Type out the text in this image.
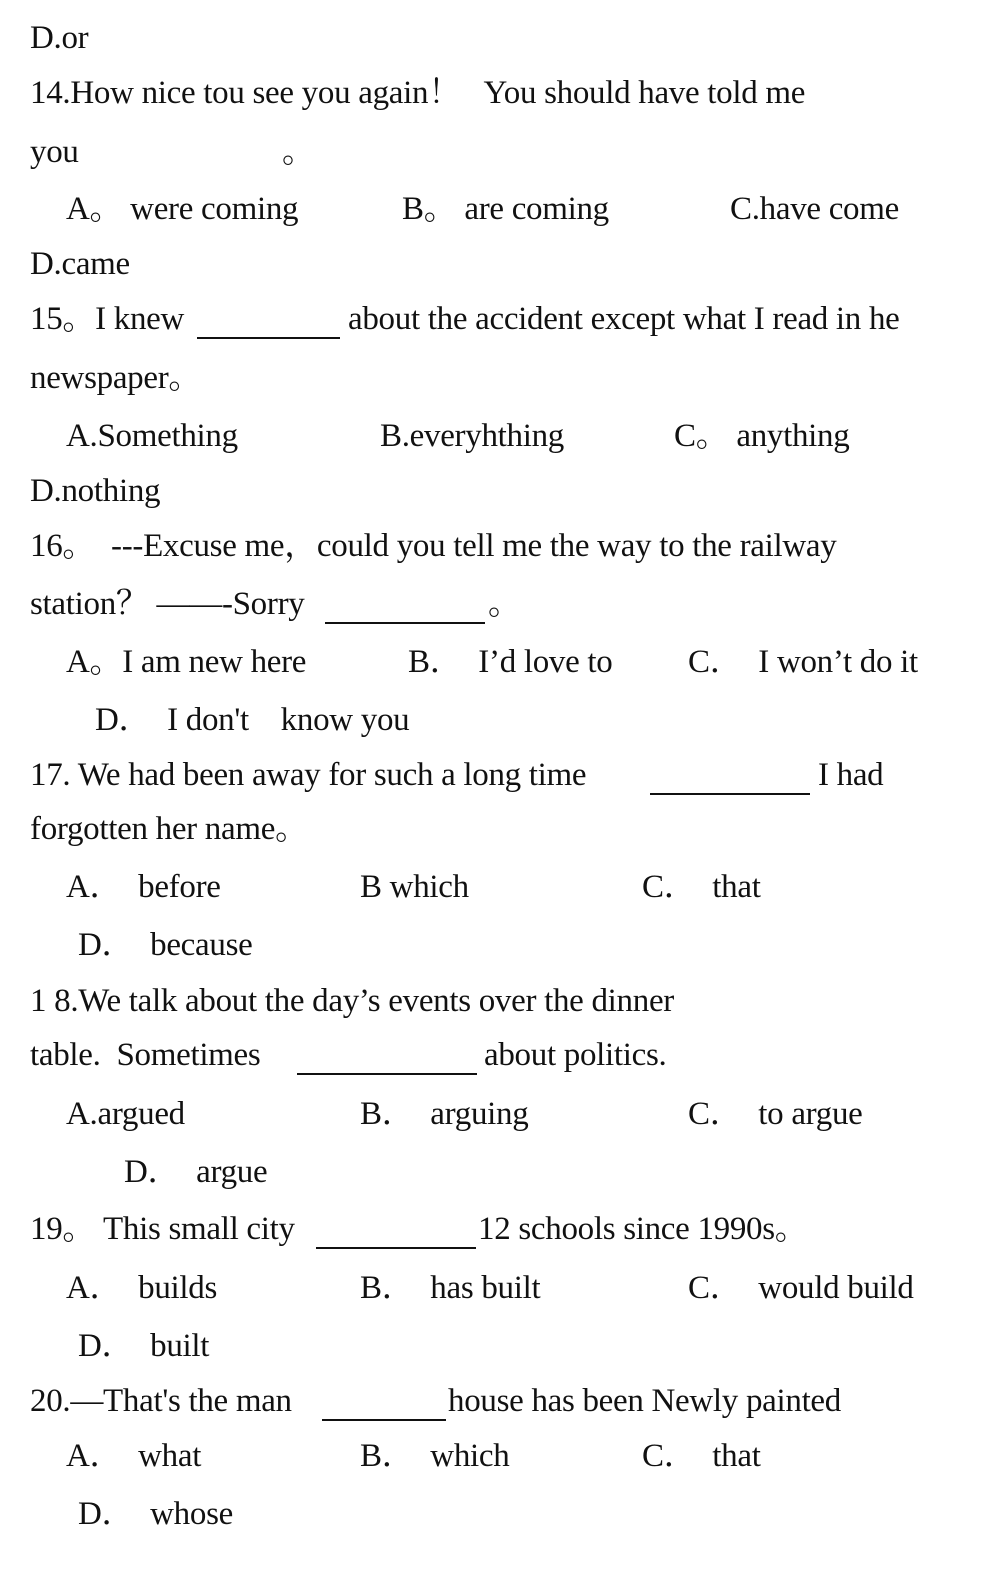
D.or
14.How nice tou see you again！   You should have told me
you	。
A。 were coming	B。 are coming	C.have come
D.came
15。I knew	about the accident except what I read in he
newspaper。
A.Something	B.everyhthing	C。 anything
D.nothing
16。  ---Excuse me，could you tell me the way to the railway
station？ ——-Sorry	。
A。I am new here	B．  I’d love to C．  I won’t do it
D．  I don't    know you
17. We had been away for such a long time	I had
forgotten her name。
A．  before	B which	C．  that
D．  because
1 8.We talk about the day’s events over the dinner
table.  Sometimes	about politics.
A.argued	B．  arguing	C．  to argue
D．  argue
19。 This small city	12 schools since 1990s。
A．  builds	B．  has built	C．  would build
D．  built
20.—That's the man	house has been Newly painted
A．  what	B．  which	C．  that
D．  whose
